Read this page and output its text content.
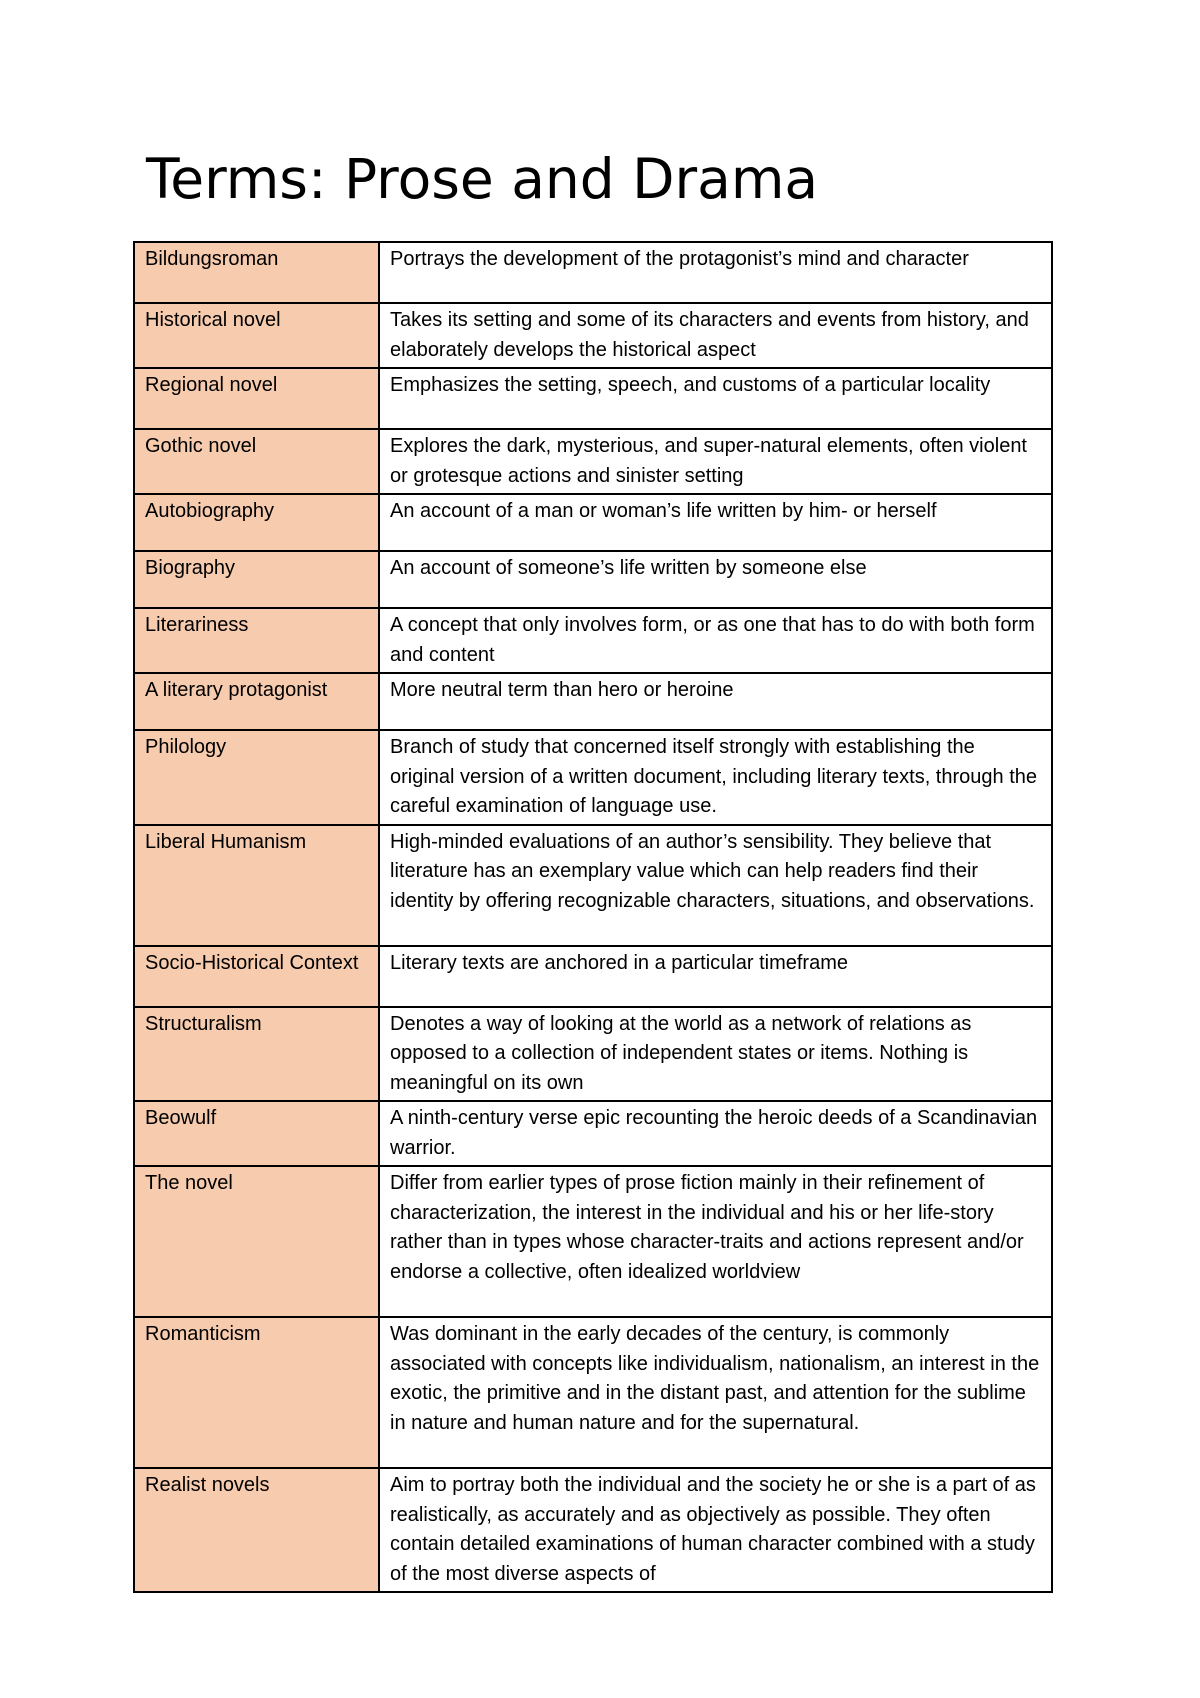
Terms: Prose and Drama
Bildungsroman	Portrays the development of the protagonist’s mind and character
Historical novel	Takes its setting and some of its characters and events from history, and elaborately develops the historical aspect
Regional novel	Emphasizes the setting, speech, and customs of a particular locality
Gothic novel	Explores the dark, mysterious, and super-natural elements, often violent or grotesque actions and sinister setting
Autobiography	An account of a man or woman’s life written by him- or herself
Biography	An account of someone’s life written by someone else
Literariness	A concept that only involves form, or as one that has to do with both form and content
A literary protagonist	More neutral term than hero or heroine
Philology	Branch of study that concerned itself strongly with establishing the original version of a written document, including literary texts, through the careful examination of language use.
Liberal Humanism	High-minded evaluations of an author’s sensibility. They believe that literature has an exemplary value which can help readers find their identity by offering recognizable characters, situations, and observations.
Socio-Historical Context	Literary texts are anchored in a particular timeframe
Structuralism	Denotes a way of looking at the world as a network of relations as opposed to a collection of independent states or items. Nothing is meaningful on its own
Beowulf	A ninth-century verse epic recounting the heroic deeds of a Scandinavian warrior.
The novel	Differ from earlier types of prose fiction mainly in their refinement of characterization, the interest in the individual and his or her life-story rather than in types whose character-traits and actions represent and/or endorse a collective, often idealized worldview
Romanticism	Was dominant in the early decades of the century, is commonly associated with concepts like individualism, nationalism, an interest in the exotic, the primitive and in the distant past, and attention for the sublime in nature and human nature and for the supernatural.
Realist novels	Aim to portray both the individual and the society he or she is a part of as realistically, as accurately and as objectively as possible. They often contain detailed examinations of human character combined with a study of the most diverse aspects of
